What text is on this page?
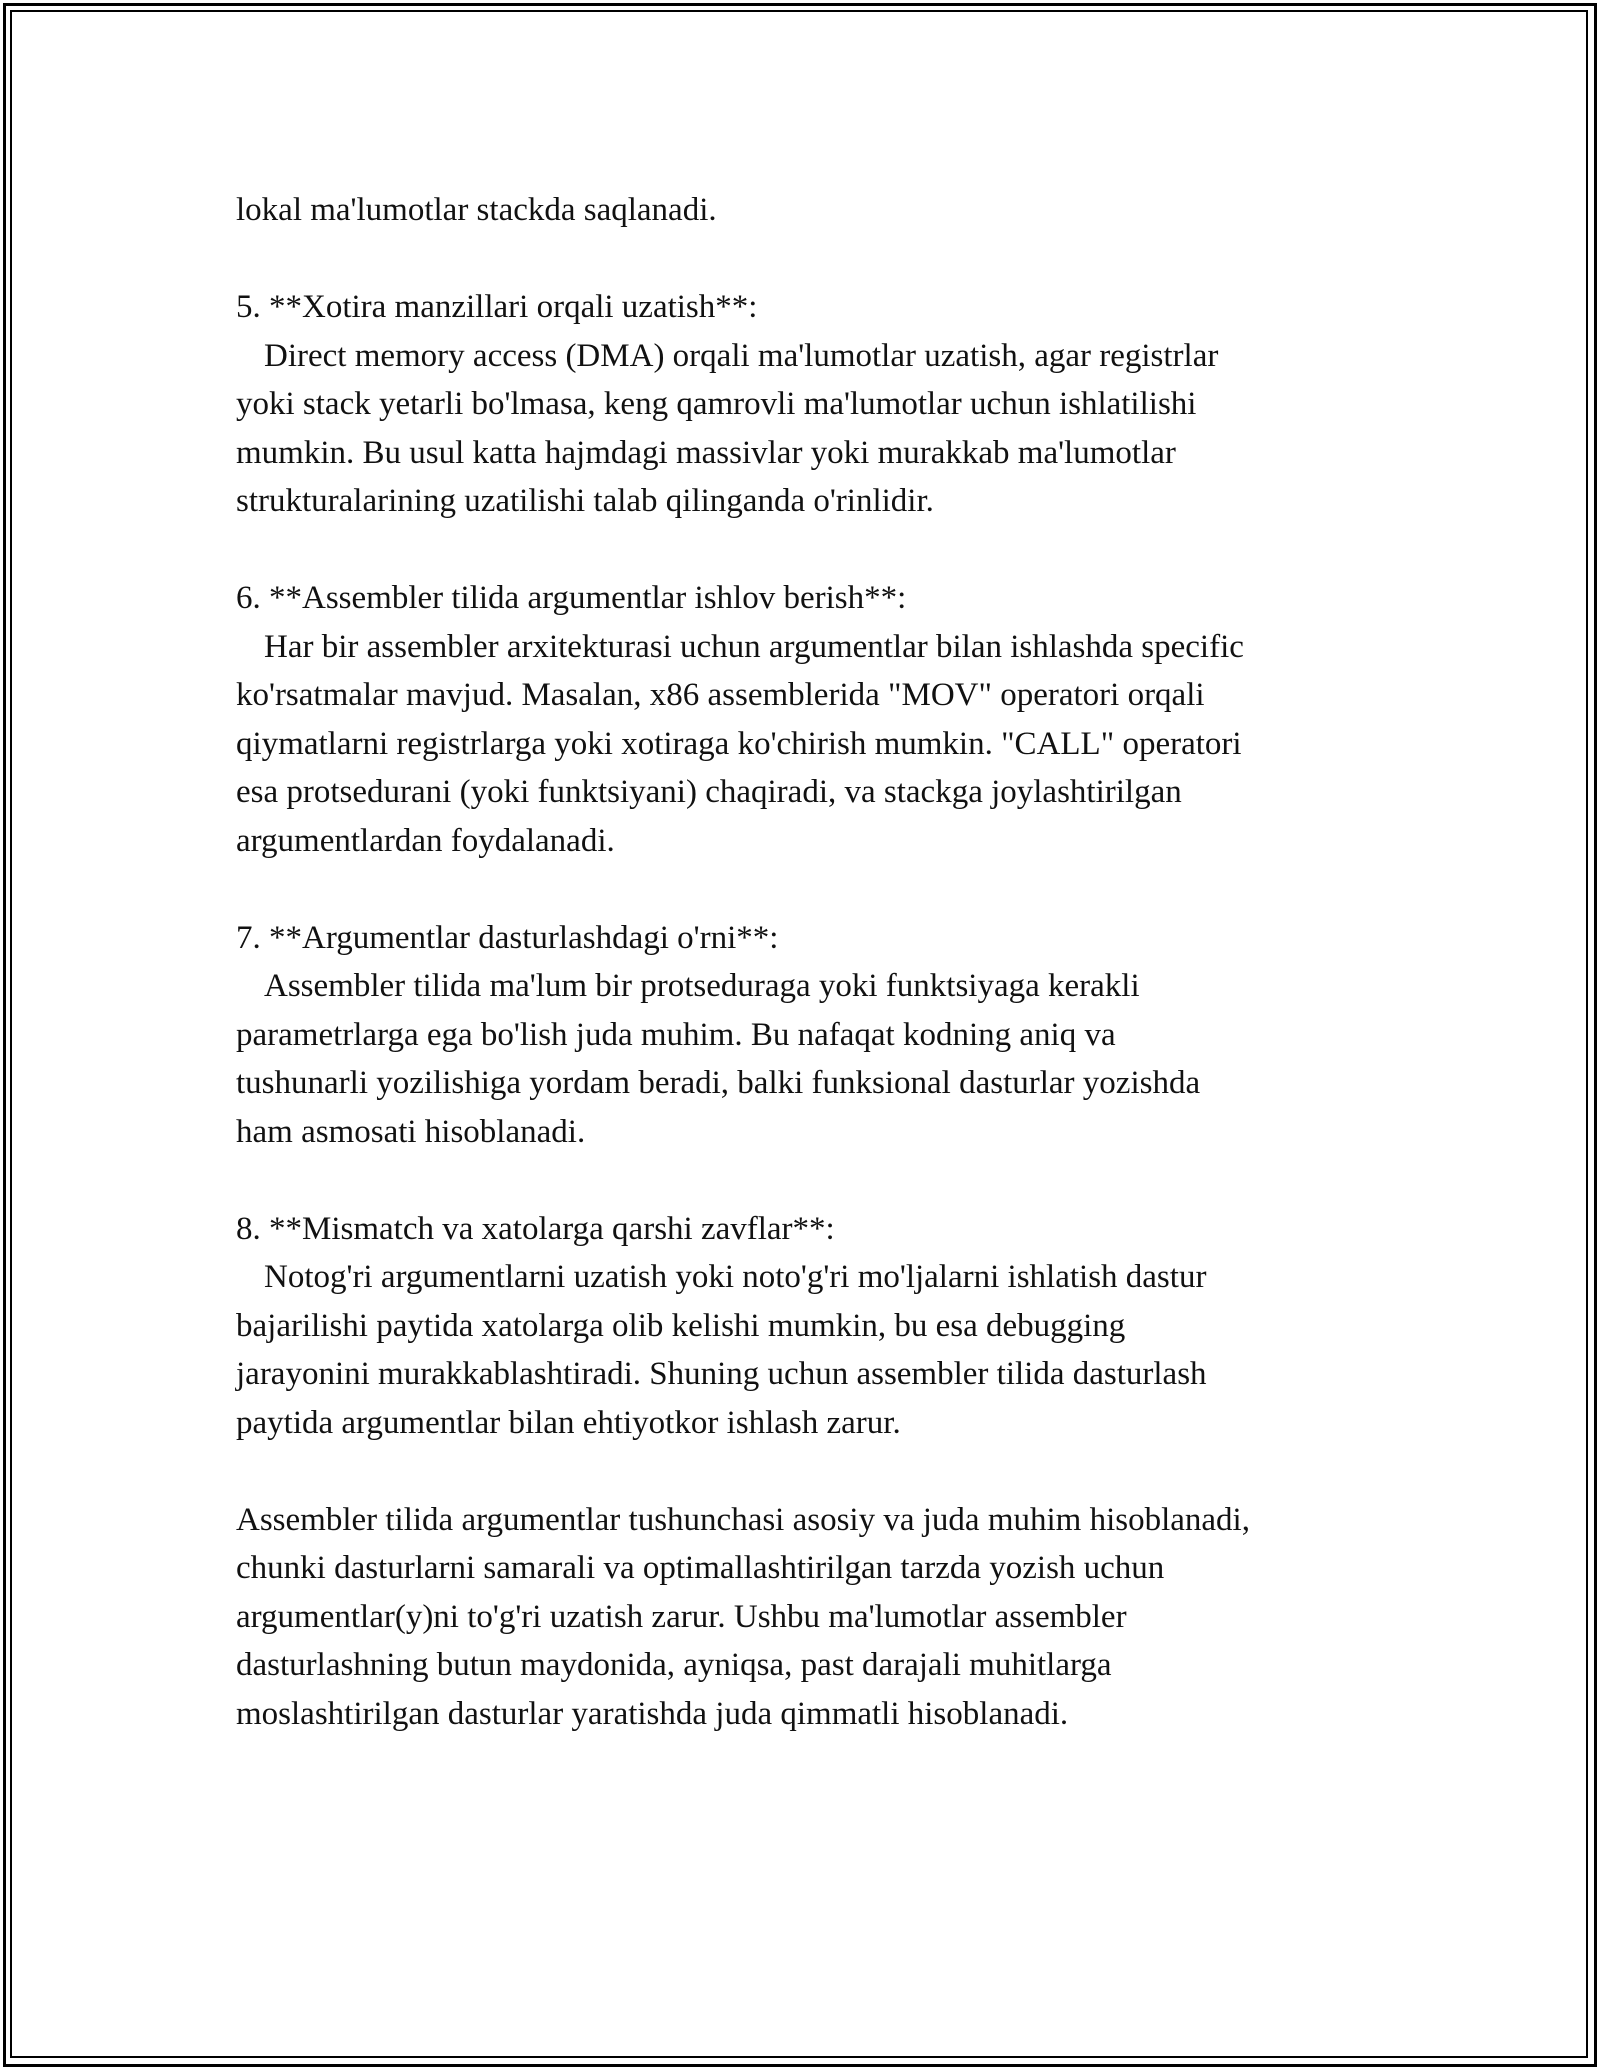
lokal ma'lumotlar stackda saqlanadi.

5. **Xotira manzillari orqali uzatish**:
Direct memory access (DMA) orqali ma'lumotlar uzatish, agar registrlar
yoki stack yetarli bo'lmasa, keng qamrovli ma'lumotlar uchun ishlatilishi
mumkin. Bu usul katta hajmdagi massivlar yoki murakkab ma'lumotlar
strukturalarining uzatilishi talab qilinganda o'rinlidir.

6. **Assembler tilida argumentlar ishlov berish**:
Har bir assembler arxitekturasi uchun argumentlar bilan ishlashda specific
ko'rsatmalar mavjud. Masalan, x86 assemblerida "MOV" operatori orqali
qiymatlarni registrlarga yoki xotiraga ko'chirish mumkin. "CALL" operatori
esa protsedurani (yoki funktsiyani) chaqiradi, va stackga joylashtirilgan
argumentlardan foydalanadi.

7. **Argumentlar dasturlashdagi o'rni**:
Assembler tilida ma'lum bir protseduraga yoki funktsiyaga kerakli
parametrlarga ega bo'lish juda muhim. Bu nafaqat kodning aniq va
tushunarli yozilishiga yordam beradi, balki funksional dasturlar yozishda
ham asmosati hisoblanadi.

8. **Mismatch va xatolarga qarshi zavflar**:
Notog'ri argumentlarni uzatish yoki noto'g'ri mo'ljalarni ishlatish dastur
bajarilishi paytida xatolarga olib kelishi mumkin, bu esa debugging
jarayonini murakkablashtiradi. Shuning uchun assembler tilida dasturlash
paytida argumentlar bilan ehtiyotkor ishlash zarur.

Assembler tilida argumentlar tushunchasi asosiy va juda muhim hisoblanadi,
chunki dasturlarni samarali va optimallashtirilgan tarzda yozish uchun
argumentlar(y)ni to'g'ri uzatish zarur. Ushbu ma'lumotlar assembler
dasturlashning butun maydonida, ayniqsa, past darajali muhitlarga
moslashtirilgan dasturlar yaratishda juda qimmatli hisoblanadi.
